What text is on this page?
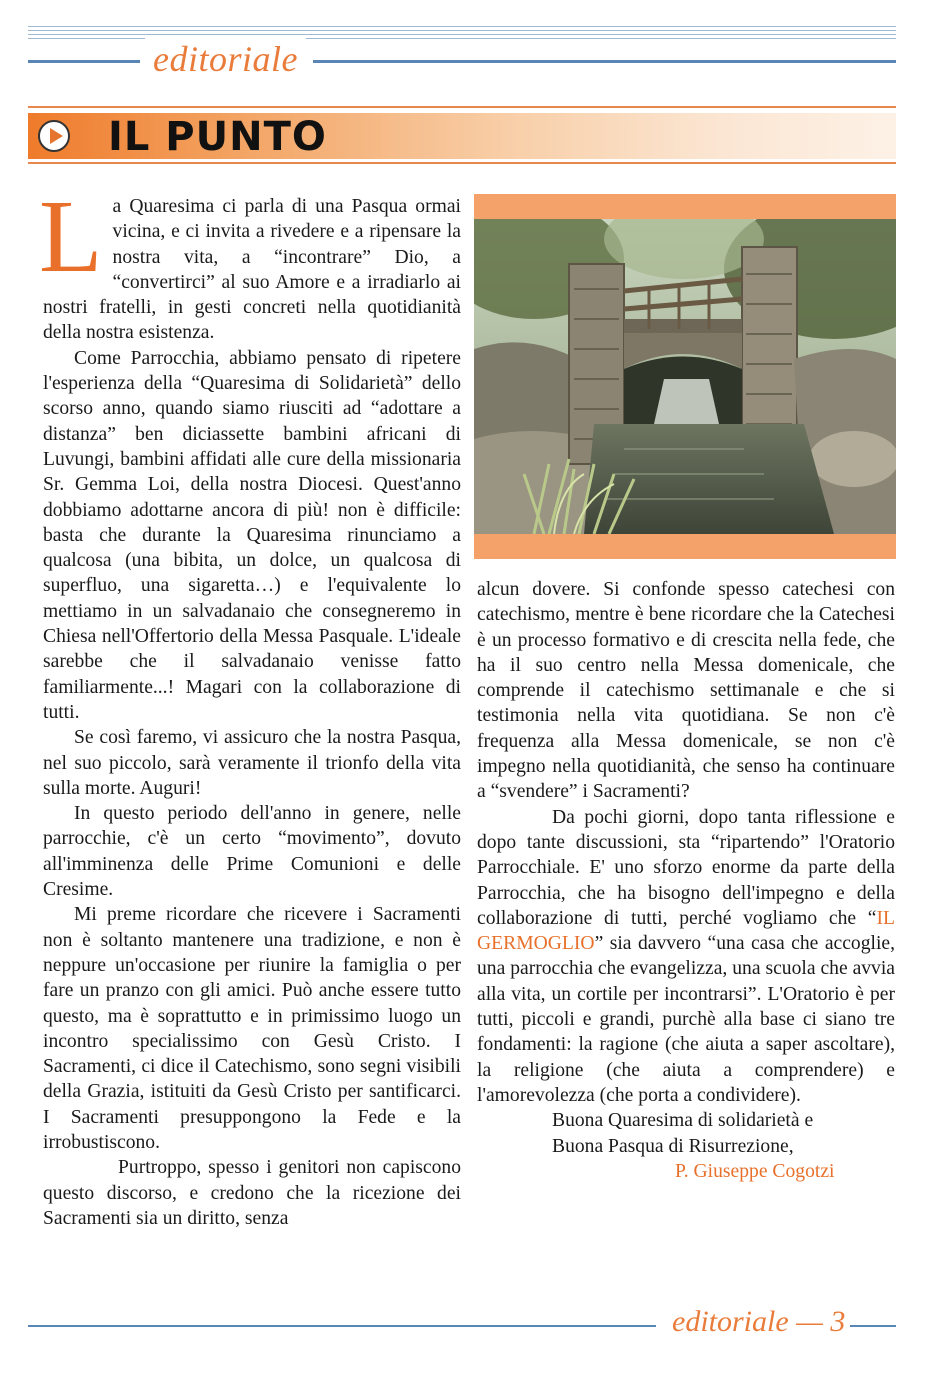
editoriale
IL PUNTO

La Quaresima ci parla di una Pasqua ormai vicina, e ci invita a rivedere e a ripensare la nostra vita, a “incontrare” Dio, a “convertirci” al suo Amore e a irradiarlo ai nostri fratelli, in gesti concreti nella quotidianità della nostra esistenza.

Come Parrocchia, abbiamo pensato di ripetere l'esperienza della “Quaresima di Solidarietà” dello scorso anno, quando siamo riusciti ad “adottare a distanza” ben diciassette bambini africani di Luvungi, bambini affidati alle cure della missionaria Sr. Gemma Loi, della nostra Diocesi. Quest'anno dobbiamo adottarne ancora di più! non è difficile: basta che durante la Quaresima rinunciamo a qualcosa (una bibita, un dolce, un qualcosa di superfluo, una sigaretta…) e l'equivalente lo mettiamo in un salvadanaio che consegneremo in Chiesa nell'Offertorio della Messa Pasquale. L'ideale sarebbe che il salvadanaio venisse fatto familiarmente...! Magari con la collaborazione di tutti.

Se così faremo, vi assicuro che la nostra Pasqua, nel suo piccolo, sarà veramente il trionfo della vita sulla morte. Auguri!

In questo periodo dell'anno in genere, nelle parrocchie, c'è un certo “movimento”, dovuto all'imminenza delle Prime Comunioni e delle Cresime.

Mi preme ricordare che ricevere i Sacramenti non è soltanto mantenere una tradizione, e non è neppure un'occasione per riunire la famiglia o per fare un pranzo con gli amici. Può anche essere tutto questo, ma è soprattutto e in primissimo luogo un incontro specialissimo con Gesù Cristo. I Sacramenti, ci dice il Catechismo, sono segni visibili della Grazia, istituiti da Gesù Cristo per santificarci. I Sacramenti presuppongono la Fede e la irrobustiscono.

Purtroppo, spesso i genitori non capiscono questo discorso, e credono che la ricezione dei Sacramenti sia un diritto, senza

alcun dovere. Si confonde spesso catechesi con catechismo, mentre è bene ricordare che la Catechesi è un processo formativo e di crescita nella fede, che ha il suo centro nella Messa domenicale, che comprende il catechismo settimanale e che si testimonia nella vita quotidiana. Se non c'è frequenza alla Messa domenicale, se non c'è impegno nella quotidianità, che senso ha continuare a “svendere” i Sacramenti?

Da pochi giorni, dopo tanta riflessione e dopo tante discussioni, sta “ripartendo” l'Oratorio Parrocchiale. E' uno sforzo enorme da parte della Parrocchia, che ha bisogno dell'impegno e della collaborazione di tutti, perché vogliamo che “IL GERMOGLIO” sia davvero “una casa che accoglie, una parrocchia che evangelizza, una scuola che avvia alla vita, un cortile per incontrarsi”. L'Oratorio è per tutti, piccoli e grandi, purchè alla base ci siano tre fondamenti: la ragione (che aiuta a saper ascoltare), la religione (che aiuta a comprendere) e l'amorevolezza (che porta a condividere).

Buona Quaresima di solidarietà e

Buona Pasqua di Risurrezione,

P. Giuseppe Cogotzi

editoriale — 3
